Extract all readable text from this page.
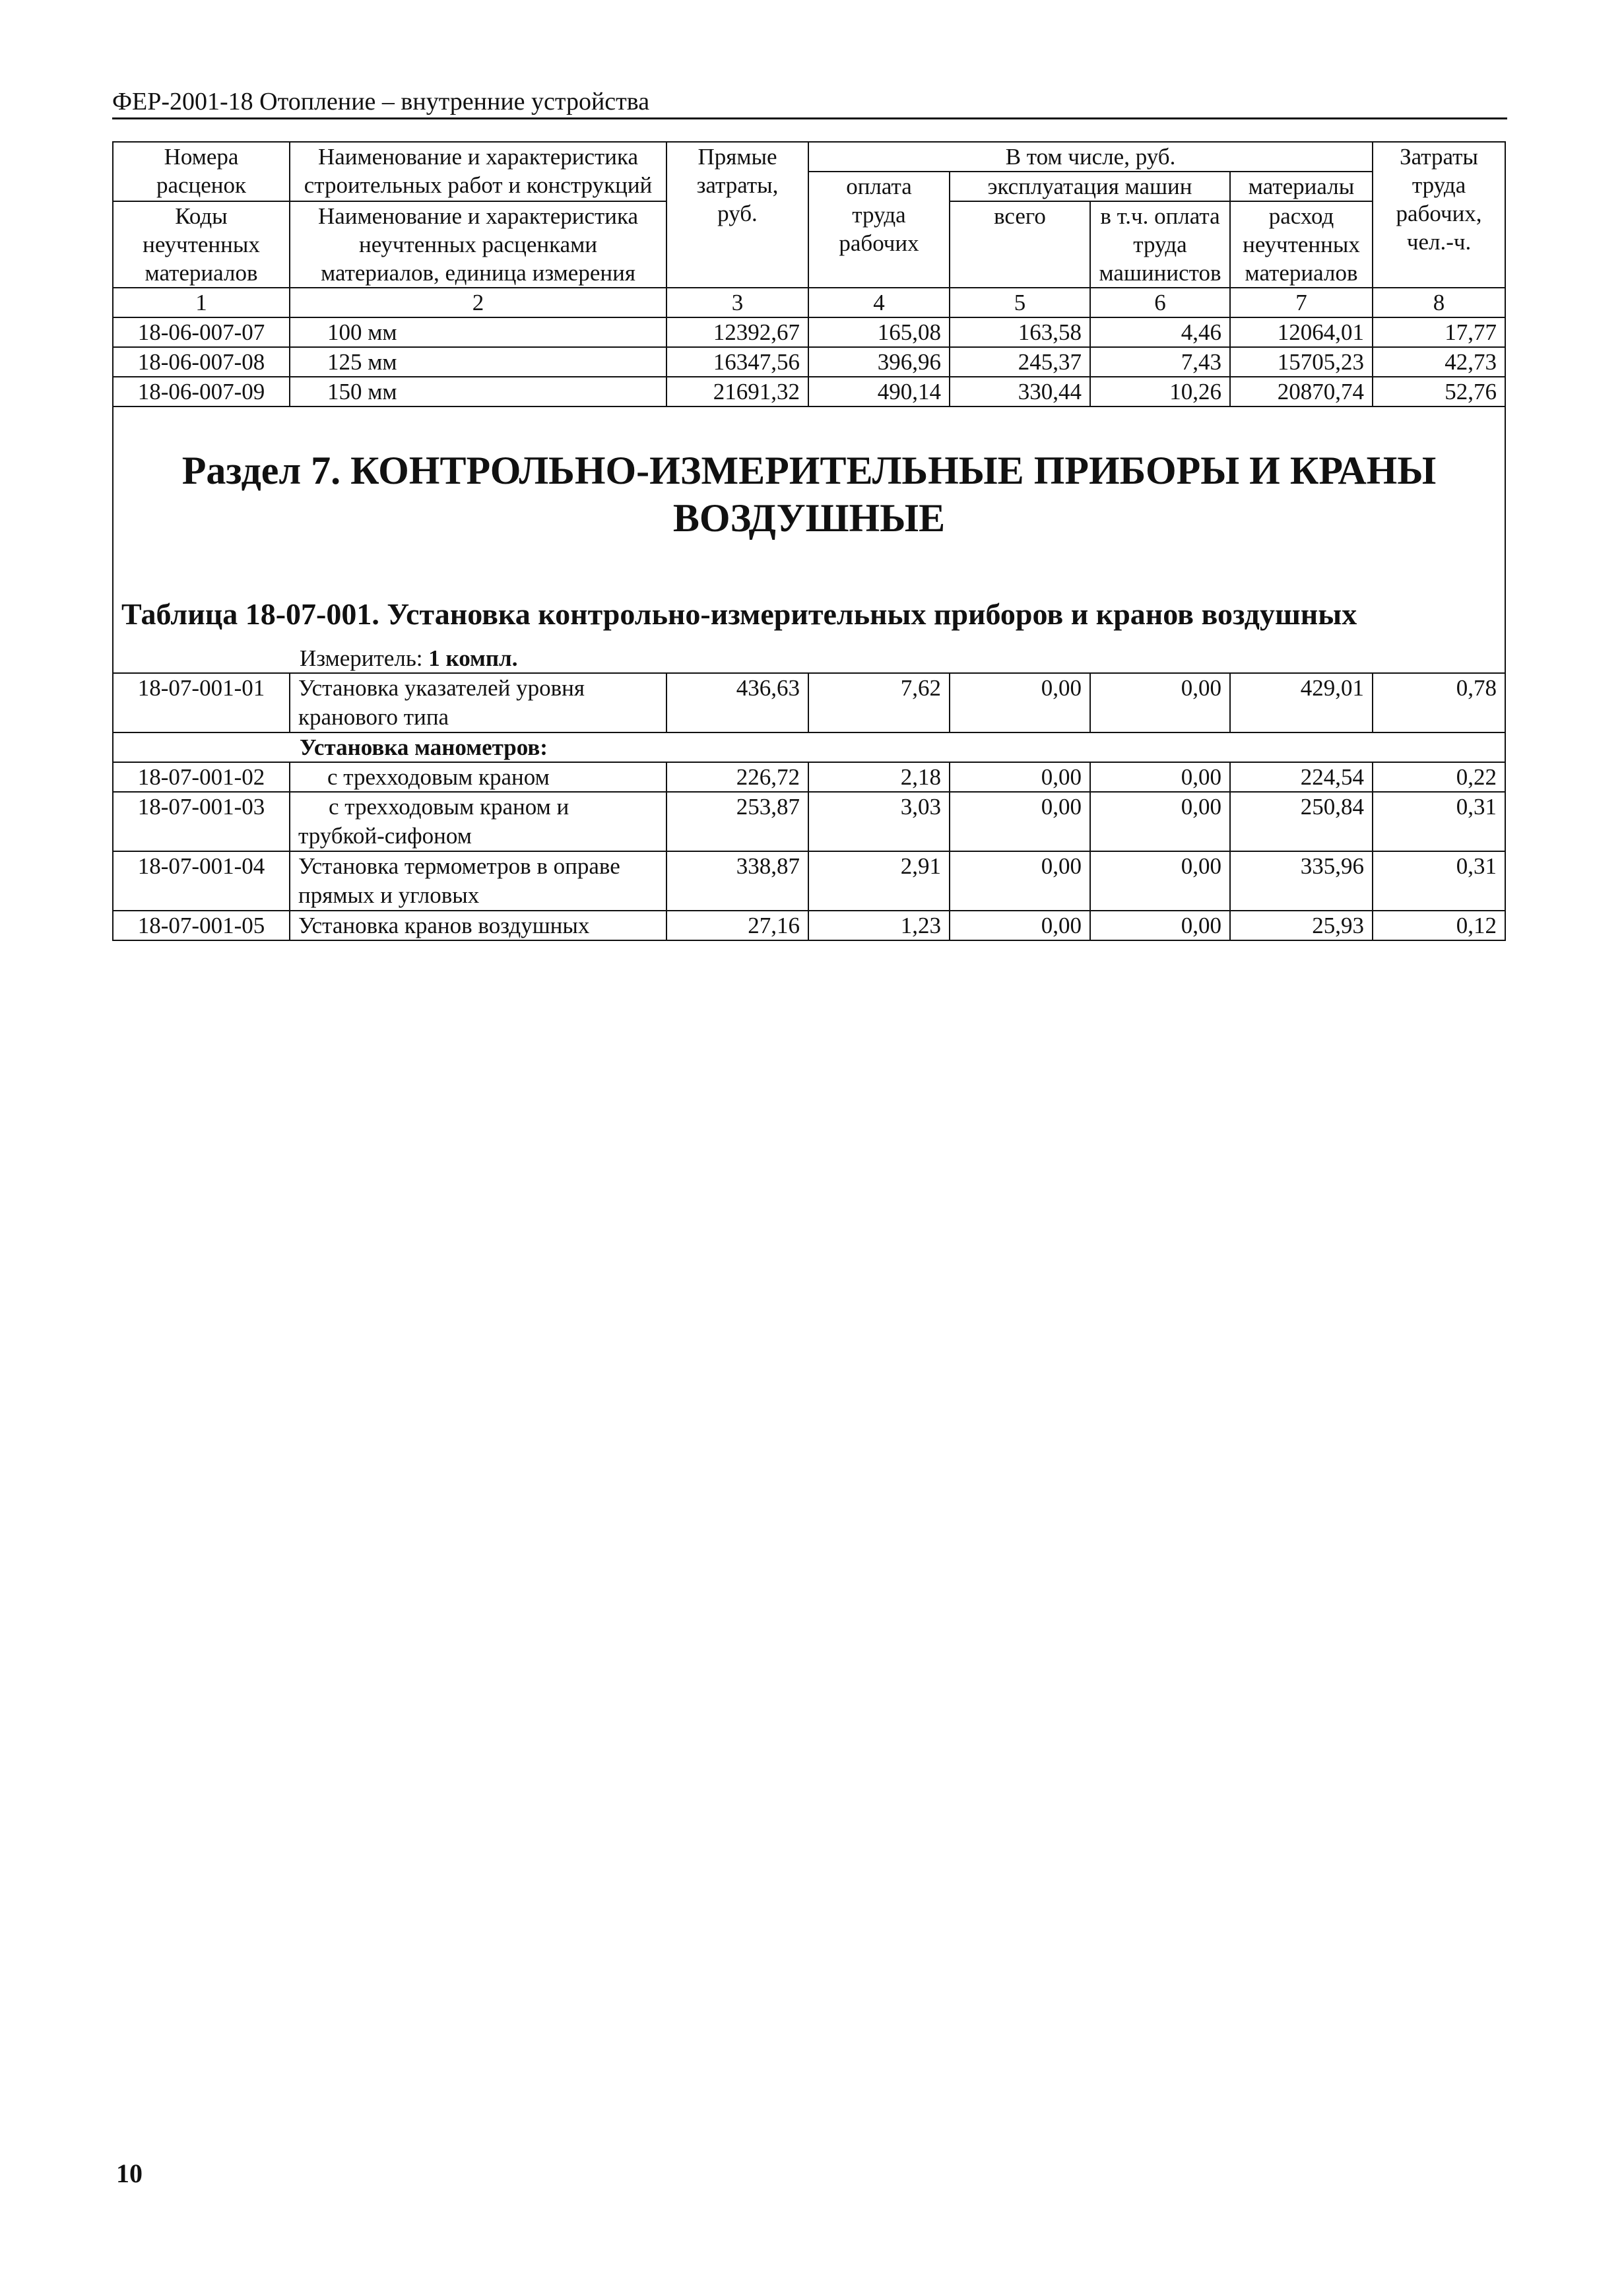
ФЕР-2001-18 Отопление – внутренние устройства
Номера расценок	Наименование и характеристика строительных работ и конструкций	Прямые затраты, руб.	В том числе, руб.				Затраты труда рабочих, чел.-ч.
			оплата труда рабочих	эксплуатация машин		материалы	
Коды неучтенных материалов	Наименование и характеристика неучтенных расценками материалов, единица измерения			всего	в т.ч. оплата труда машинистов	расход неучтенных материалов	

1	2	3	4	5	6	7	8
18-06-007-07	100 мм	12392,67	165,08	163,58	4,46	12064,01	17,77
18-06-007-08	125 мм	16347,56	396,96	245,37	7,43	15705,23	42,73
18-06-007-09	150 мм	21691,32	490,14	330,44	10,26	20870,74	52,76

Раздел 7. КОНТРОЛЬНО-ИЗМЕРИТЕЛЬНЫЕ ПРИБОРЫ И КРАНЫ
ВОЗДУШНЫЕ
Таблица 18-07-001. Установка контрольно-измерительных приборов и кранов воздушных
Измеритель: 1 компл.							

18-07-001-01	Установка указателей уровня кранового типа	436,63	7,62	0,00	0,00	429,01	0,78
Установка манометров:							
18-07-001-02	с трехходовым краном	226,72	2,18	0,00	0,00	224,54	0,22
18-07-001-03	с трехходовым краном и трубкой-сифоном	253,87	3,03	0,00	0,00	250,84	0,31
18-07-001-04	Установка термометров в оправе прямых и угловых	338,87	2,91	0,00	0,00	335,96	0,31
18-07-001-05	Установка кранов воздушных	27,16	1,23	0,00	0,00	25,93	0,12
10
